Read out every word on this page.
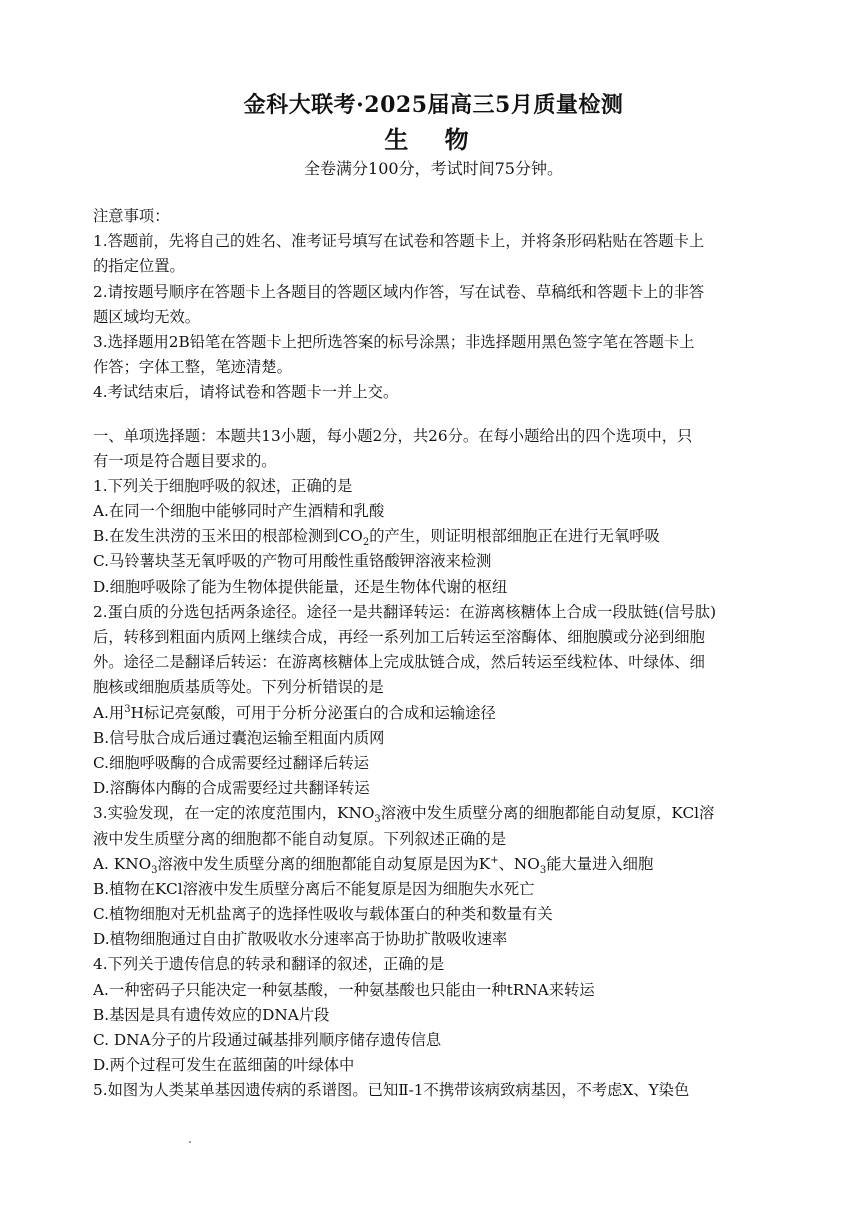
金科大联考·2025届高三5月质量检测
生 物
全卷满分100分，考试时间75分钟。
注意事项：
1.答题前，先将自己的姓名、准考证号填写在试卷和答题卡上，并将条形码粘贴在答题卡上
的指定位置。
2.请按题号顺序在答题卡上各题目的答题区域内作答，写在试卷、草稿纸和答题卡上的非答
题区域均无效。
3.选择题用2B铅笔在答题卡上把所选答案的标号涂黑；非选择题用黑色签字笔在答题卡上
作答；字体工整，笔迹清楚。
4.考试结束后，请将试卷和答题卡一并上交。
一、单项选择题：本题共13小题，每小题2分，共26分。在每小题给出的四个选项中，只
有一项是符合题目要求的。
1.下列关于细胞呼吸的叙述，正确的是
A.在同一个细胞中能够同时产生酒精和乳酸
B.在发生洪涝的玉米田的根部检测到$CO_2$的产生，则证明根部细胞正在进行无氧呼吸
C.马铃薯块茎无氧呼吸的产物可用酸性重铬酸钾溶液来检测
D.细胞呼吸除了能为生物体提供能量，还是生物体代谢的枢纽
2.蛋白质的分选包括两条途径。途径一是共翻译转运：在游离核糖体上合成一段肽链(信号肽)
后，转移到粗面内质网上继续合成，再经一系列加工后转运至溶酶体、细胞膜或分泌到细胞
外。途径二是翻译后转运：在游离核糖体上完成肽链合成，然后转运至线粒体、叶绿体、细
胞核或细胞质基质等处。下列分析错误的是
A.用$^3$H标记亮氨酸，可用于分析分泌蛋白的合成和运输途径
B.信号肽合成后通过囊泡运输至粗面内质网
C.细胞呼吸酶的合成需要经过翻译后转运
D.溶酶体内酶的合成需要经过共翻译转运
3.实验发现，在一定的浓度范围内，$KNO_3$溶液中发生质壁分离的细胞都能自动复原，KCl溶
液中发生质壁分离的细胞都不能自动复原。下列叙述正确的是
A. $KNO_3$溶液中发生质壁分离的细胞都能自动复原是因为K+、$NO_3$能大量进入细胞
B.植物在KCl溶液中发生质壁分离后不能复原是因为细胞失水死亡
C.植物细胞对无机盐离子的选择性吸收与载体蛋白的种类和数量有关
D.植物细胞通过自由扩散吸收水分速率高于协助扩散吸收速率
4.下列关于遗传信息的转录和翻译的叙述，正确的是
A.一种密码子只能决定一种氨基酸，一种氨基酸也只能由一种tRNA来转运
B.基因是具有遗传效应的DNA片段
C. DNA分子的片段通过碱基排列顺序储存遗传信息
D.两个过程可发生在蓝细菌的叶绿体中
5.如图为人类某单基因遗传病的系谱图。已知Ⅱ-1不携带该病致病基因，不考虑X、Y染色
